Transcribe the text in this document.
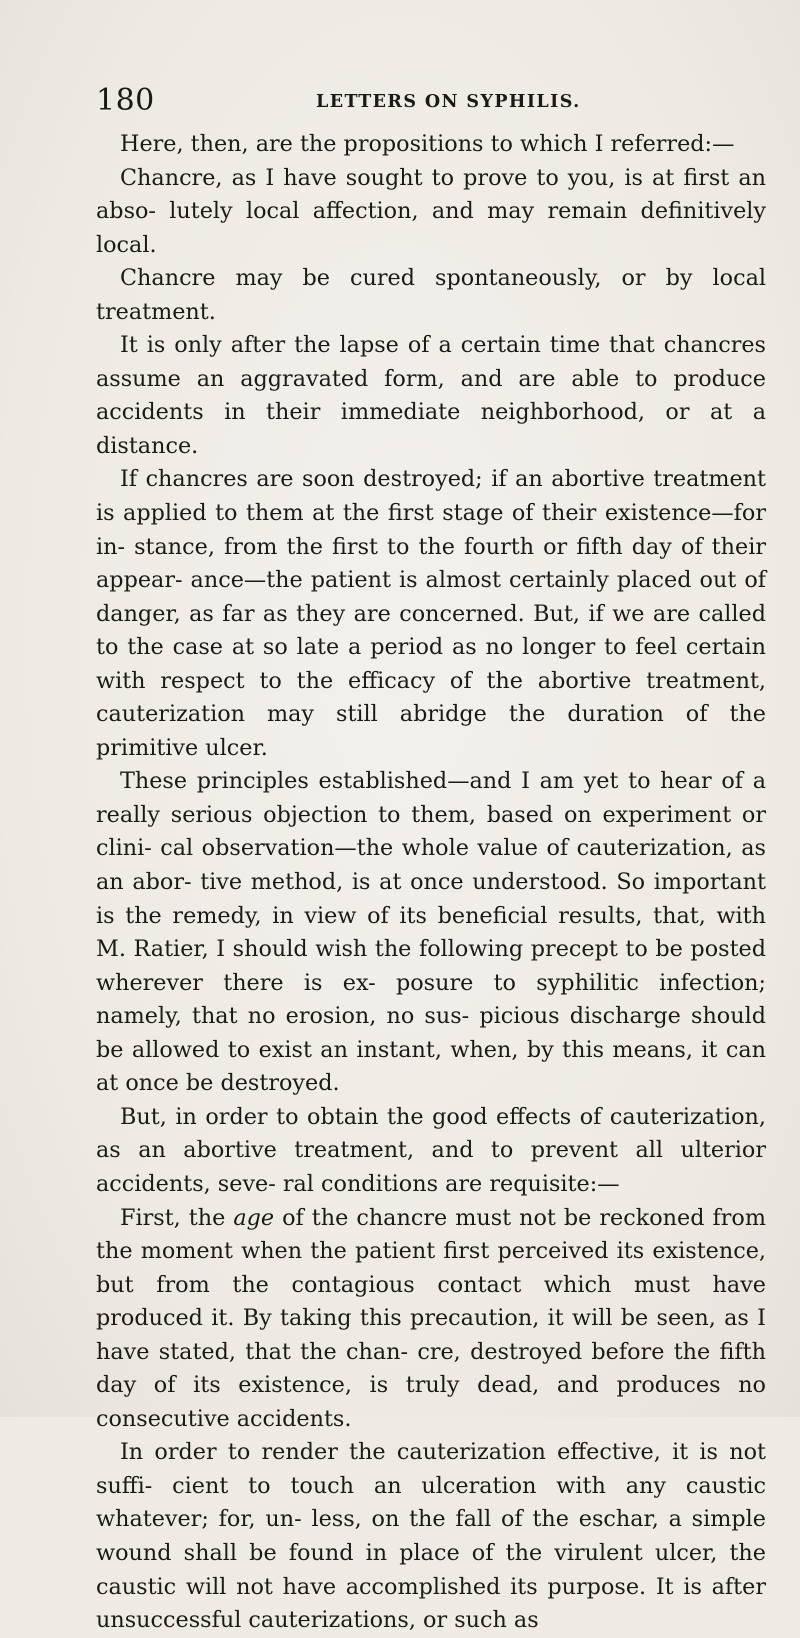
180	LETTERS ON SYPHILIS.

Here, then, are the propositions to which I referred:—

Chancre, as I have sought to prove to you, is at first an abso- lutely local affection, and may remain definitively local.

Chancre may be cured spontaneously, or by local treatment.

It is only after the lapse of a certain time that chancres assume an aggravated form, and are able to produce accidents in their immediate neighborhood, or at a distance.

If chancres are soon destroyed; if an abortive treatment is applied to them at the first stage of their existence—for in- stance, from the first to the fourth or fifth day of their appear- ance—the patient is almost certainly placed out of danger, as far as they are concerned. But, if we are called to the case at so late a period as no longer to feel certain with respect to the efficacy of the abortive treatment, cauterization may still abridge the duration of the primitive ulcer.

These principles established—and I am yet to hear of a really serious objection to them, based on experiment or clini- cal observation—the whole value of cauterization, as an abor- tive method, is at once understood. So important is the remedy, in view of its beneficial results, that, with M. Ratier, I should wish the following precept to be posted wherever there is ex- posure to syphilitic infection; namely, that no erosion, no sus- picious discharge should be allowed to exist an instant, when, by this means, it can at once be destroyed.

But, in order to obtain the good effects of cauterization, as an abortive treatment, and to prevent all ulterior accidents, seve- ral conditions are requisite:—

First, the age of the chancre must not be reckoned from the moment when the patient first perceived its existence, but from the contagious contact which must have produced it. By taking this precaution, it will be seen, as I have stated, that the chan- cre, destroyed before the fifth day of its existence, is truly dead, and produces no consecutive accidents.

In order to render the cauterization effective, it is not suffi- cient to touch an ulceration with any caustic whatever; for, un- less, on the fall of the eschar, a simple wound shall be found in place of the virulent ulcer, the caustic will not have accomplished its purpose. It is after unsuccessful cauterizations, or such as
